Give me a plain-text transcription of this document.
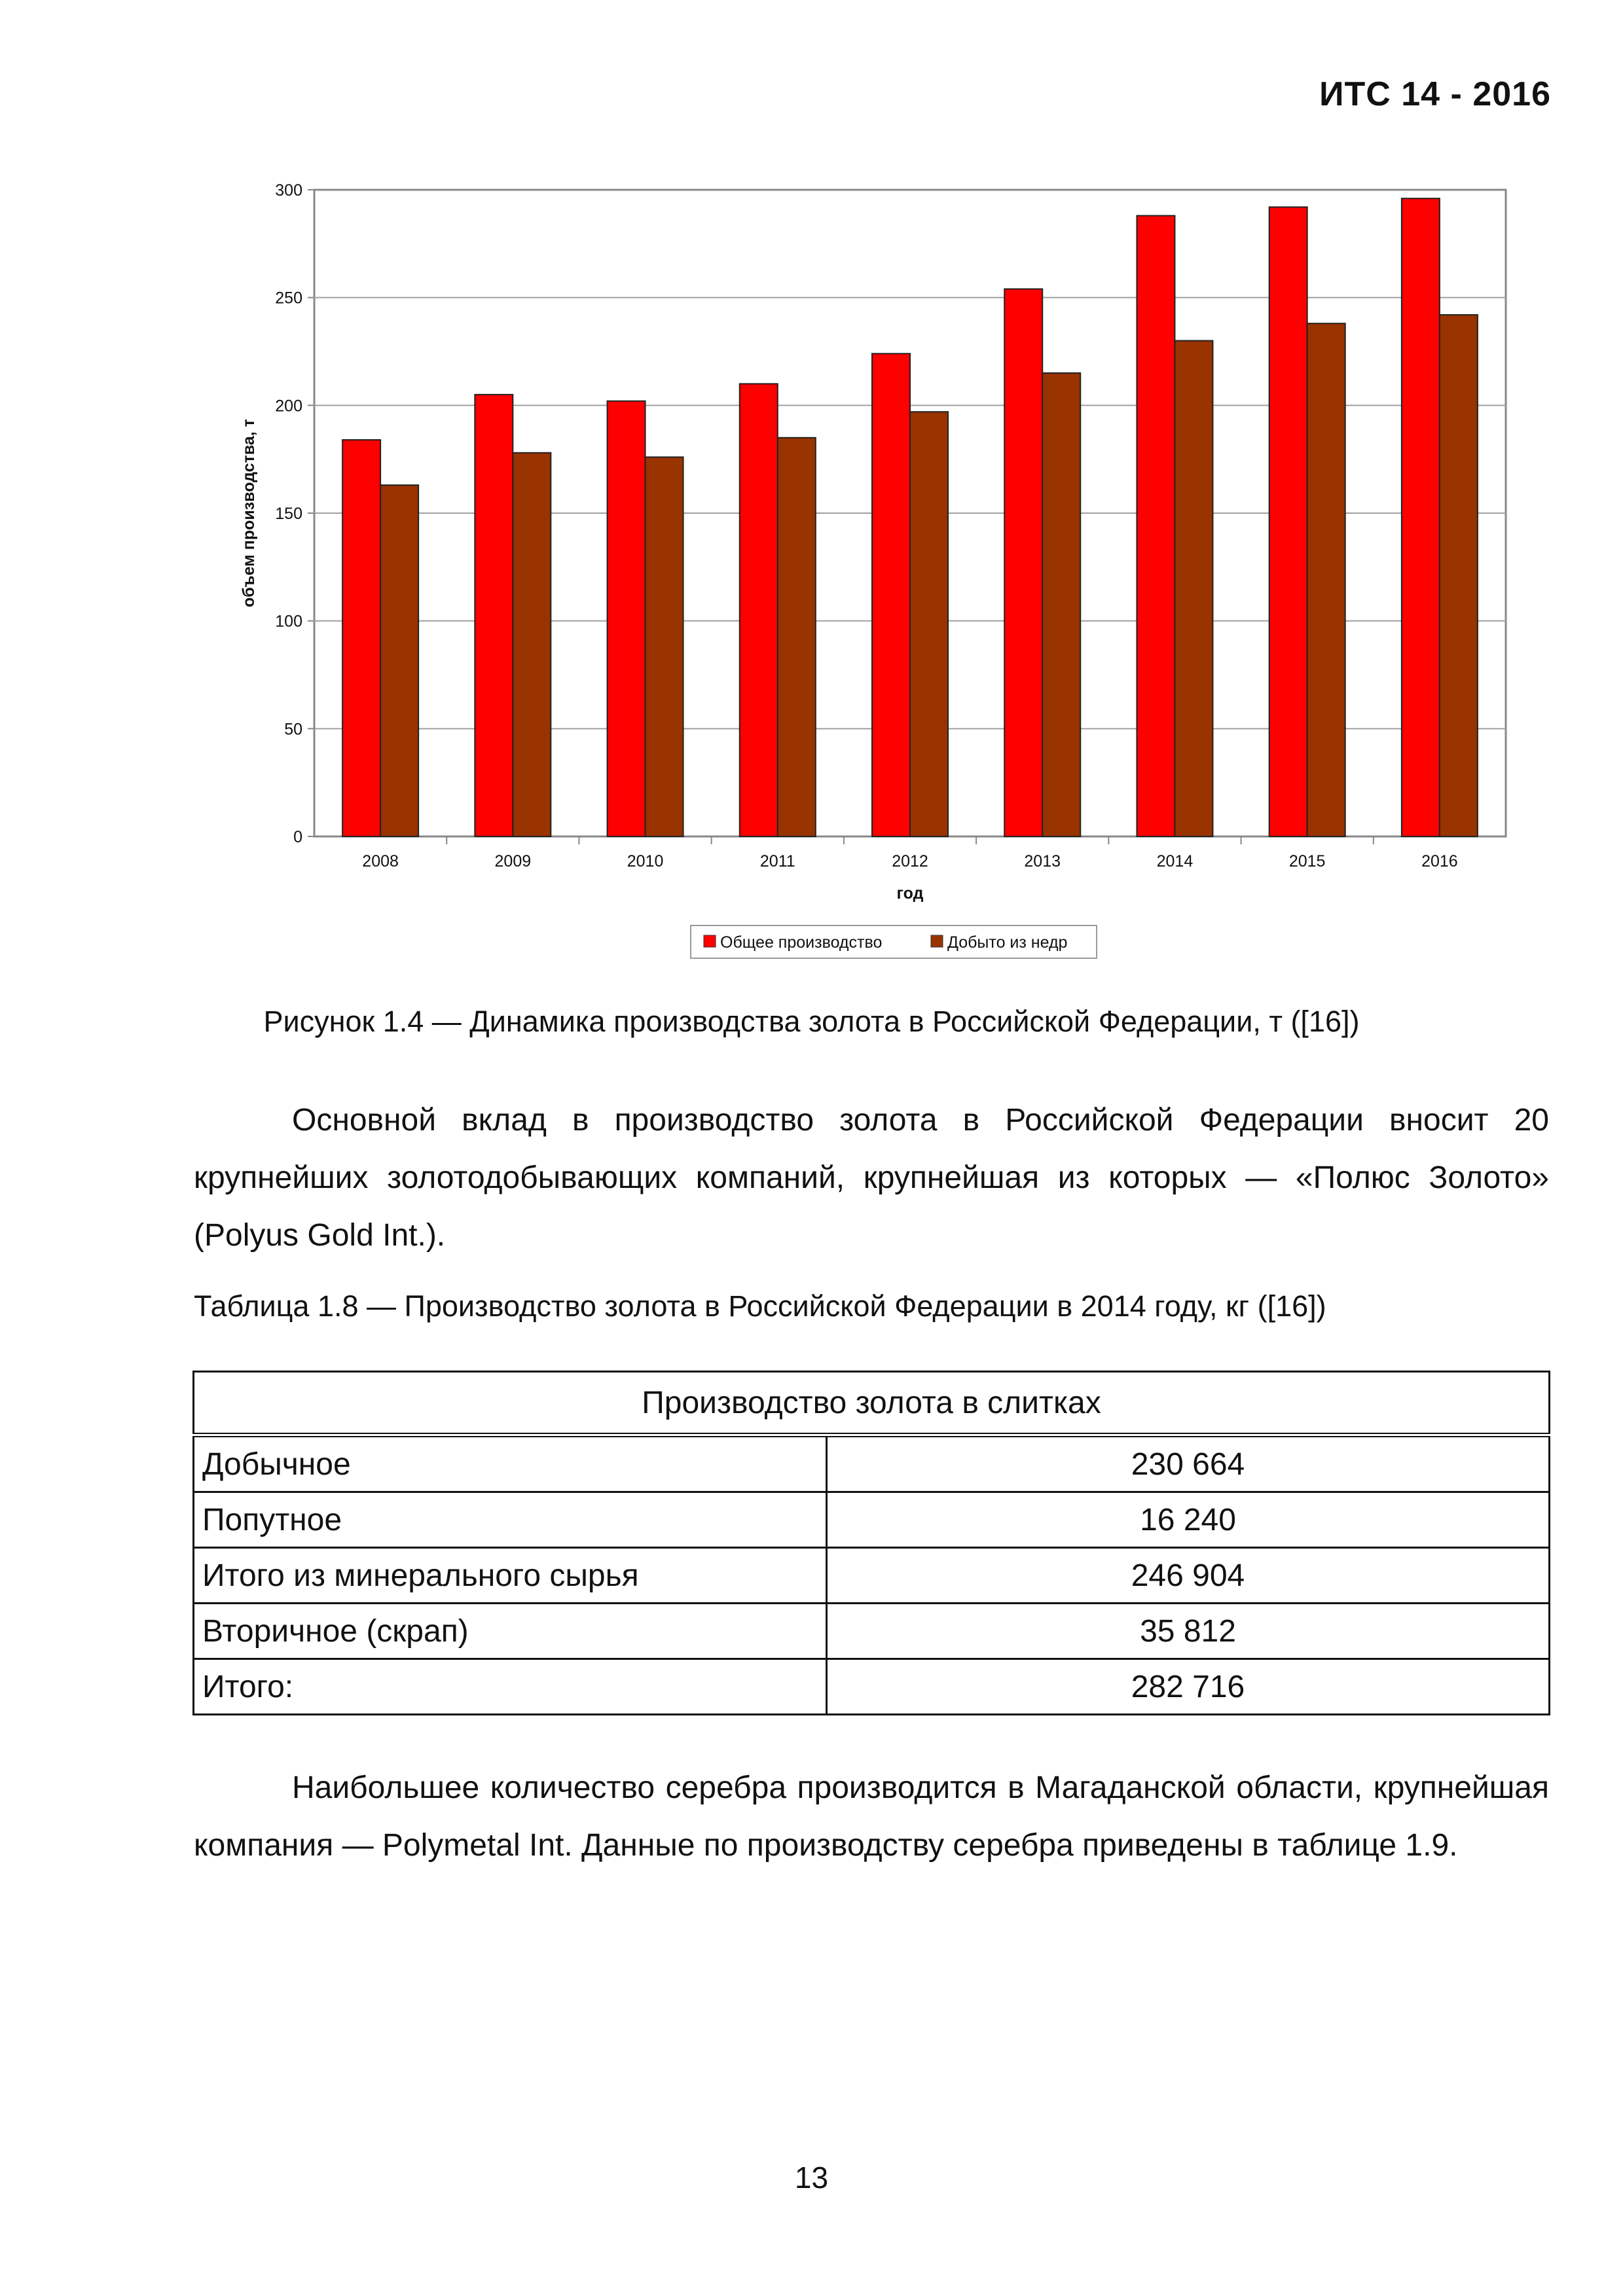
ИТС 14 - 2016
0
50
100
150
200
250
300
2008	2009	2010	2011	2012	2013	2014	2015	2016
объем производства, т
год
Общее производство	Добыто из недр
Рисунок 1.4 — Динамика производства золота в Российской Федерации, т ([16])
Основной вклад в производство золота в Российской Федерации вносит 20 крупнейших золотодобывающих компаний, крупнейшая из которых — «Полюс Золото» (Polyus Gold Int.).
Таблица 1.8 — Производство золота в Российской Федерации в 2014 году, кг ([16])
Производство золота в слитках	
Добычное	230 664
Попутное	16 240
Итого из минерального сырья	246 904
Вторичное (скрап)	35 812
Итого:	282 716
Наибольшее количество серебра производится в Магаданской области, крупнейшая компания — Polymetal Int. Данные по производству серебра приведены в таблице 1.9.
13
